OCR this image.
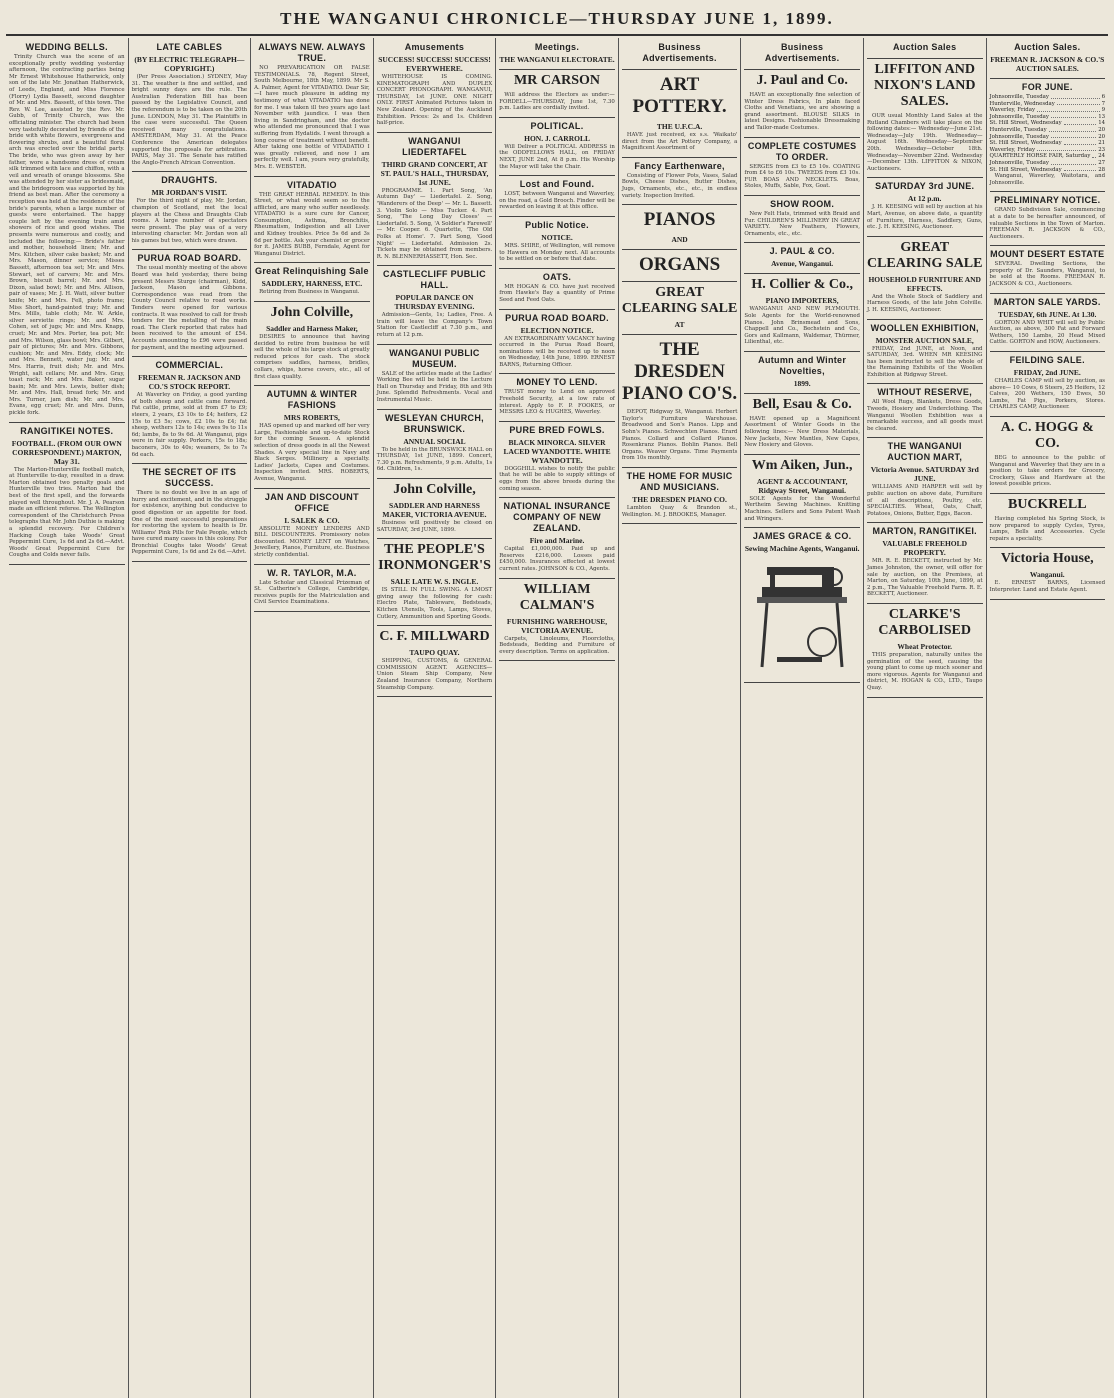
THE WANGANUI CHRONICLE—THURSDAY JUNE 1, 1899.
WEDDING BELLS.

Trinity Church was the scene of an exceptionally pretty wedding yesterday afternoon, the contracting parties being Mr Ernest Whitehouse Hatherwick, only son of the late Mr. Jonathan Hatherwick, of Leeds, England, and Miss Florence (Florry) Lydia Bassett, second daughter of Mr. and Mrs. Bassett, of this town. The Rev. W. Lee, assisted by the Rev. Mr. Gubb, of Trinity Church, was the officiating minister. The church had been very tastefully decorated by friends of the bride with white flowers, evergreens and flowering shrubs, and a beautiful floral arch was erected over the bridal party. The bride, who was given away by her father, wore a handsome dress of cream silk trimmed with lace and chiffon, with a veil and wreath of orange blossoms. She was attended by her sister as bridesmaid, and the bridegroom was supported by his friend as best man. After the ceremony a reception was held at the residence of the bride's parents, when a large number of guests were entertained. The happy couple left by the evening train amid showers of rice and good wishes. The presents were numerous and costly, and included the following:— Bride's father and mother, household linen; Mr. and Mrs. Kitchen, silver cake basket; Mr. and Mrs. Mason, dinner service; Misses Bassett, afternoon tea set; Mr. and Mrs. Stewart, set of carvers; Mr. and Mrs. Brown, biscuit barrel; Mr. and Mrs. Dixon, salad bowl; Mr. and Mrs. Allison, pair of vases; Mr. J. H. Watt, silver butter knife; Mr. and Mrs. Fell, photo frame; Miss Short, hand-painted tray; Mr. and Mrs. Mills, table cloth; Mr. W. Arkle, silver serviette rings; Mr. and Mrs. Cohen, set of jugs; Mr. and Mrs. Knapp, cruet; Mr. and Mrs. Porter, tea pot; Mr. and Mrs. Wilson, glass bowl; Mrs. Gilbert, pair of pictures; Mr. and Mrs. Gibbons, cushion; Mr. and Mrs. Eddy, clock; Mr. and Mrs. Bennett, water jug; Mr. and Mrs. Harris, fruit dish; Mr. and Mrs. Wright, salt cellars; Mr. and Mrs. Gray, toast rack; Mr. and Mrs. Baker, sugar basin; Mr. and Mrs. Lewis, butter dish; Mr. and Mrs. Hall, bread fork; Mr. and Mrs. Turner, jam dish; Mr. and Mrs. Evans, egg cruet; Mr. and Mrs. Dunn, pickle fork.

RANGITIKEI NOTES.
FOOTBALL. (FROM OUR OWN CORRESPONDENT.) MARTON, May 31.

The Marton-Hunterville football match, at Hunterville to-day, resulted in a draw. Marton obtained two penalty goals and Hunterville two tries. Marton had the best of the first spell, and the forwards played well throughout. Mr. J. A. Pearson made an efficient referee. The Wellington correspondent of the Christchurch Press telegraphs that Mr. John Duthie is making a splendid recovery. For Children's Hacking Cough take Woods' Great Peppermint Cure, 1s 6d and 2s 6d.—Advt. Woods' Great Peppermint Cure for Coughs and Colds never fails.

LATE CABLES
(BY ELECTRIC TELEGRAPH—COPYRIGHT.)

(Per Press Association.) SYDNEY, May 31. The weather is fine and settled, and bright sunny days are the rule. The Australian Federation Bill has been passed by the Legislative Council, and the referendum is to be taken on the 20th June. LONDON, May 31. The Plaintiffs in the case were successful. The Queen received many congratulations. AMSTERDAM, May 31. At the Peace Conference the American delegates supported the proposals for arbitration. PARIS, May 31. The Senate has ratified the Anglo-French African Convention.

DRAUGHTS.
MR JORDAN'S VISIT.

For the third night of play, Mr. Jordan, champion of Scotland, met the local players at the Chess and Draughts Club rooms. A large number of spectators were present. The play was of a very interesting character. Mr. Jordan won all his games but two, which were drawn.

PURUA ROAD BOARD.

The usual monthly meeting of the above Board was held yesterday, there being present Messrs Sturge (chairman), Kidd, Jackson, Mason and Gibbons. Correspondence was read from the County Council relative to road works. Tenders were opened for various contracts. It was resolved to call for fresh tenders for the metalling of the main road. The Clerk reported that rates had been received to the amount of £54. Accounts amounting to £96 were passed for payment, and the meeting adjourned.

COMMERCIAL.
FREEMAN R. JACKSON AND CO.'S STOCK REPORT.

At Waverley on Friday, a good yarding of both sheep and cattle came forward. Fat cattle, prime, sold at from £7 to £9; steers, 2 years, £3 10s to £4; heifers, £2 15s to £3 5s; cows, £2 10s to £4; fat sheep, wethers 12s to 14s; ewes 9s to 11s 6d; lambs, 8s to 9s 6d. At Wanganui, pigs were in fair supply. Porkers, 15s to 18s; baconers, 30s to 40s; weaners, 5s to 7s 6d each.

THE SECRET OF ITS SUCCESS.

There is no doubt we live in an age of hurry and excitement, and in the struggle for existence, anything but conducive to good digestion or an appetite for food. One of the most successful preparations for restoring the system to health is Dr. Williams' Pink Pills for Pale People, which have cured many cases in this colony. For Bronchial Coughs take Woods' Great Peppermint Cure, 1s 6d and 2s 6d.—Advt.

ALWAYS NEW. ALWAYS TRUE.

NO PREVARICATION OR FALSE TESTIMONIALS. 78, Regent Street, South Melbourne, 18th May, 1899. Mr S. A. Palmer, Agent for VITADATIO. Dear Sir,—I have much pleasure in adding my testimony of what VITADATIO has done for me. I was taken ill two years ago last November with jaundice. I was then living in Sandringham, and the doctor who attended me pronounced that I was suffering from Hydatids. I went through a long course of treatment without benefit. After taking one bottle of VITADATIO I was greatly relieved, and now I am perfectly well. I am, yours very gratefully, Mrs. E. WEBSTER.

VITADATIO

THE GREAT HERBAL REMEDY. In this Street, or what would seem so to the afflicted, are many who suffer needlessly. VITADATIO is a sure cure for Cancer, Consumption, Asthma, Bronchitis, Rheumatism, Indigestion and all Liver and Kidney troubles. Price 5s 6d and 3s 6d per bottle. Ask your chemist or grocer for it. JAMES BUBB, Ferndale, Agent for Wanganui District.

Great Relinquishing Sale
SADDLERY, HARNESS, ETC.

Retiring from Business in Wanganui.

John Colville,
Saddler and Harness Maker,

DESIRES to announce that having decided to retire from business he will sell the whole of his large stock at greatly reduced prices for cash. The stock comprises saddles, harness, bridles, collars, whips, horse covers, etc., all of first class quality.

AUTUMN & WINTER FASHIONS
MRS ROBERTS,

HAS opened up and marked off her very Large, Fashionable and up-to-date Stock for the coming Season. A splendid selection of dress goods in all the Newest Shades. A very special line in Navy and Black Serges. Millinery a specialty. Ladies' Jackets, Capes and Costumes. Inspection invited. MRS. ROBERTS, Avenue, Wanganui.

JAN AND DISCOUNT OFFICE
I. SALEK & CO.

ABSOLUTE MONEY LENDERS AND BILL DISCOUNTERS. Promissory notes discounted. MONEY LENT on Watches, Jewellery, Pianos, Furniture, etc. Business strictly confidential.

W. R. TAYLOR, M.A.

Late Scholar and Classical Prizeman of St. Catherine's College, Cambridge, receives pupils for the Matriculation and Civil Service Examinations.

Amusements
SUCCESS! SUCCESS! SUCCESS! EVERYWHERE.

WHITEHOUSE IS COMING. KINEMATOGRAPH AND DUPLEX CONCERT PHONOGRAPH. WANGANUI, THURSDAY, 1st JUNE. ONE NIGHT ONLY. FIRST Animated Pictures taken in New Zealand. Opening of the Auckland Exhibition. Prices: 2s and 1s. Children half-price.

WANGANUI LIEDERTAFEL
THIRD GRAND CONCERT, AT ST. PAUL'S HALL, THURSDAY, 1st JUNE.

PROGRAMME. 1. Part Song, 'An Autumn Day' — Liedertafel. 2. Song, 'Wanderers of the Deep' — Mr. L. Bassett. 3. Violin Solo — Miss Tucker. 4. Part Song, 'The Long Day Closes' — Liedertafel. 5. Song, 'A Soldier's Farewell' — Mr. Cooper. 6. Quartette, 'The Old Folks at Home'. 7. Part Song, 'Good Night' — Liedertafel. Admission 2s. Tickets may be obtained from members. R. N. BLENNERHASSETT, Hon. Sec.

CASTLECLIFF PUBLIC HALL.
POPULAR DANCE ON THURSDAY EVENING.

Admission—Gents, 1s; Ladies, Free. A train will leave the Company's Town Station for Castlecliff at 7.30 p.m., and return at 12 p.m.

WANGANUI PUBLIC MUSEUM.

SALE of the articles made at the Ladies' Working Bee will be held in the Lecture Hall on Thursday and Friday, 8th and 9th June. Splendid Refreshments. Vocal and Instrumental Music.

WESLEYAN CHURCH, BRUNSWICK.
ANNUAL SOCIAL

To be held in the BRUNSWICK HALL on THURSDAY, 1st JUNE, 1899. Concert, 7.30 p.m. Refreshments, 9 p.m. Adults, 1s 6d. Children, 1s.

John Colville,
SADDLER AND HARNESS MAKER, VICTORIA AVENUE.

Business will positively be closed on SATURDAY, 3rd JUNE, 1899.

THE PEOPLE'S IRONMONGER'S
SALE LATE W. S. INGLE.

IS STILL IN FULL SWING. A LMOST giving away the following for cash: Electro Plate, Tableware, Bedsteads, Kitchen Utensils, Tools, Lamps, Stoves, Cutlery, Ammunition and Sporting Goods.

C. F. MILLWARD
TAUPO QUAY.

SHIPPING, CUSTOMS, & GENERAL COMMISSION AGENT. AGENCIES—Union Steam Ship Company, New Zealand Insurance Company, Northern Steamship Company.

Meetings.
THE WANGANUI ELECTORATE.
MR CARSON

Will address the Electors as under:— FORDELL—THURSDAY, June 1st, 7.30 p.m. Ladies are cordially invited.

POLITICAL.
HON. J. CARROLL

Will Deliver a POLITICAL ADDRESS in the ODDFELLOWS HALL, on FRIDAY NEXT, JUNE 2nd, At 8 p.m. His Worship the Mayor will take the Chair.

Lost and Found.

LOST, between Wanganui and Waverley, on the road, a Gold Brooch. Finder will be rewarded on leaving it at this office.

Public Notice.
NOTICE.

MRS. SHIRE, of Wellington, will remove to Hawera on Monday next. All accounts to be settled on or before that date.

OATS.

MR HOGAN & CO. have just received from Hawke's Bay a quantity of Prime Seed and Feed Oats.

PURUA ROAD BOARD.
ELECTION NOTICE.

AN EXTRAORDINARY VACANCY having occurred in the Purua Road Board, nominations will be received up to noon on Wednesday, 14th June, 1899. ERNEST BARNS, Returning Officer.

MONEY TO LEND.

TRUST money to Lend on approved Freehold Security, at a low rate of interest. Apply to F. P. FOOKES, or MESSRS LEO & HUGHES, Waverley.

PURE BRED FOWLS.
BLACK MINORCA. SILVER LACED WYANDOTTE. WHITE WYANDOTTE.

DOGGHILL wishes to notify the public that he will be able to supply sittings of eggs from the above breeds during the coming season.

NATIONAL INSURANCE COMPANY OF NEW ZEALAND.
Fire and Marine.

Capital £1,000,000. Paid up and Reserves £216,000. Losses paid £450,000. Insurances effected at lowest current rates. JOHNSON & CO., Agents.

WILLIAM CALMAN'S
FURNISHING WAREHOUSE, VICTORIA AVENUE.

Carpets, Linoleums, Floorcloths, Bedsteads, Bedding and Furniture of every description. Terms on application.

Business Advertisements.
ART POTTERY.
THE U.F.C.A.

HAVE just received, ex s.s. 'Waikato' direct from the Art Pottery Company, a Magnificent Assortment of

Fancy Earthenware,

Consisting of Flower Pots, Vases, Salad Bowls, Cheese Dishes, Butter Dishes, Jugs, Ornaments, etc., etc., in endless variety. Inspection Invited.

PIANOS
AND
ORGANS
GREAT CLEARING SALE
AT
THE DRESDEN PIANO CO'S.

DEPOT, Ridgway St, Wanganui. Herbert Taylor's Furniture Warehouse. Broadwood and Son's Pianos. Lipp and Sohn's Pianos. Schwechten Pianos. Erard Pianos. Collard and Collard Pianos. Rosenkranz Pianos. Bohlin Pianos. Bell Organs. Weaver Organs. Time Payments from 10s monthly.

THE HOME FOR MUSIC AND MUSICIANS.
THE DRESDEN PIANO CO.

Lambton Quay & Brandon st., Wellington. M. J. BROOKES, Manager.

Business Advertisements.
J. Paul and Co.

HAVE an exceptionally fine selection of Winter Dress Fabrics, In plain faced Cloths and Venetians, we are showing a grand assortment. BLOUSE SILKS in latest Designs. Fashionable Dressmaking and Tailor-made Costumes.

COMPLETE COSTUMES TO ORDER.

SERGES from £3 to £5 10s. COATING from £4 to £6 10s. TWEEDS from £3 10s. FUR BOAS AND NECKLETS. Boas, Stoles, Muffs, Sable, Fox, Goat.

SHOW ROOM.

New Felt Hats, trimmed with Braid and Fur. CHILDREN'S MILLINERY IN GREAT VARIETY. New Feathers, Flowers, Ornaments, etc., etc.

J. PAUL & CO.
Avenue, Wanganui.
H. Collier & Co.,
PIANO IMPORTERS,

WANGANUI AND NEW PLYMOUTH. Sole Agents for the World-renowned Pianos. John Brinsmead and Sons, Chappell and Co., Bechstein and Co., Gors and Kallmann, Waldemar, Thürmer, Lilienthal, etc.

Autumn and Winter Novelties,
1899.
Bell, Esau & Co.

HAVE opened up a Magnificent Assortment of Winter Goods in the following lines:— New Dress Materials, New Jackets, New Mantles, New Capes, New Hosiery and Gloves.

Wm Aiken, Jun.,
AGENT & ACCOUNTANT, Ridgway Street, Wanganui.

SOLE Agents for the Wonderful Wertheim Sewing Machines. Knitting Machines. Sellers and Sons Patent Wash and Wringers.

JAMES GRACE & CO.
Sewing Machine Agents, Wanganui.
Auction Sales
LIFFITON AND NIXON'S LAND SALES.

OUR usual Monthly Land Sales at the Rutland Chambers will take place on the following dates:— Wednesday—June 21st. Wednesday—July 19th. Wednesday—August 16th. Wednesday—September 20th. Wednesday—October 18th. Wednesday—November 22nd. Wednesday—December 13th. LIFFITON & NIXON, Auctioneers.

SATURDAY 3rd JUNE.
At 12 p.m.

J. H. KEESING will sell by auction at his Mart, Avenue, on above date, a quantity of Furniture, Harness, Saddlery, Guns, etc. J. H. KEESING, Auctioneer.

GREAT CLEARING SALE
HOUSEHOLD FURNITURE AND EFFECTS.

And the Whole Stock of Saddlery and Harness Goods, of the late John Colville. J. H. KEESING, Auctioneer.

WOOLLEN EXHIBITION,
MONSTER AUCTION SALE,

FRIDAY, 2nd JUNE, at Noon, and SATURDAY, 3rd. WHEN MR KEESING has been instructed to sell the whole of the Remaining Exhibits of the Woollen Exhibition at Ridgway Street.

WITHOUT RESERVE,

All Wool Rugs, Blankets, Dress Goods, Tweeds, Hosiery and Underclothing. The Wanganui Woollen Exhibition was a remarkable success, and all goods must be cleared.

THE WANGANUI AUCTION MART,
Victoria Avenue. SATURDAY 3rd JUNE.

WILLIAMS AND HARPER will sell by public auction on above date, Furniture of all descriptions, Poultry, etc. SPECIALTIES. Wheat, Oats, Chaff, Potatoes, Onions, Butter, Eggs, Bacon.

MARTON, RANGITIKEI.
VALUABLE FREEHOLD PROPERTY.

MR. R. E. BECKETT, instructed by Mr. James Johnston, the owner, will offer for sale by auction, on the Premises, at Marton, on Saturday, 10th June, 1899, at 2 p.m., The Valuable Freehold Farm. R. E. BECKETT, Auctioneer.

CLARKE'S CARBOLISED
Wheat Protector.

THIS preparation, naturally unites the germination of the seed, causing the young plant to come up much sooner and more vigorous. Agents for Wanganui and district, M. HOGAN & CO., LTD., Taupo Quay.

Auction Sales.
FREEMAN R. JACKSON & CO.'S AUCTION SALES.
FOR JUNE.
Johnsonville, Tuesday	6
Hunterville, Wednesday	7
Waverley, Friday	9
Johnsonville, Tuesday	13
St. Hill Street, Wednesday	14
Hunterville, Tuesday	20
Johnsonville, Tuesday	20
St. Hill Street, Wednesday	21
Waverley, Friday	23
QUARTERLY HORSE FAIR, Saturday 24
Johnsonville, Tuesday	27
St. Hill Street, Wednesday	28

Wanganui, Waverley, Waitotara, and Johnsonville.

PRELIMINARY NOTICE.

GRAND Subdivision Sale, commencing at a date to be hereafter announced, of valuable Sections in the Town of Marton. FREEMAN R. JACKSON & CO., Auctioneers.

MOUNT DESERT ESTATE

SEVERAL Dwelling Sections, the property of Dr. Saunders, Wanganui, to be sold at the Rooms. FREEMAN R. JACKSON & CO., Auctioneers.

MARTON SALE YARDS.
TUESDAY, 6th JUNE. At 1.30.

GORTON AND WHIT will sell by Public Auction, as above, 300 Fat and Forward Wethers, 150 Lambs, 20 Head Mixed Cattle. GORTON and HOW, Auctioneers.

FEILDING SALE.
FRIDAY, 2nd JUNE.

CHARLES CAMP will sell by auction, as above— 10 Cows, 6 Steers, 25 Heifers, 12 Calves, 200 Wethers, 150 Ewes, 50 Lambs, Fat Pigs, Porkers, Stores. CHARLES CAMP, Auctioneer.

A. C. HOGG & CO.

BEG to announce to the public of Wanganui and Waverley that they are in a position to take orders for Grocery, Crockery, Glass and Hardware at the lowest possible prices.

BUCKRELL

Having completed his Spring Stock, is now prepared to supply Cycles, Tyres, Lamps, Bells and Accessories. Cycle repairs a speciality.

Victoria House,
Wanganui.

E. ERNEST BARNS, Licensed Interpreter. Land and Estate Agent.
